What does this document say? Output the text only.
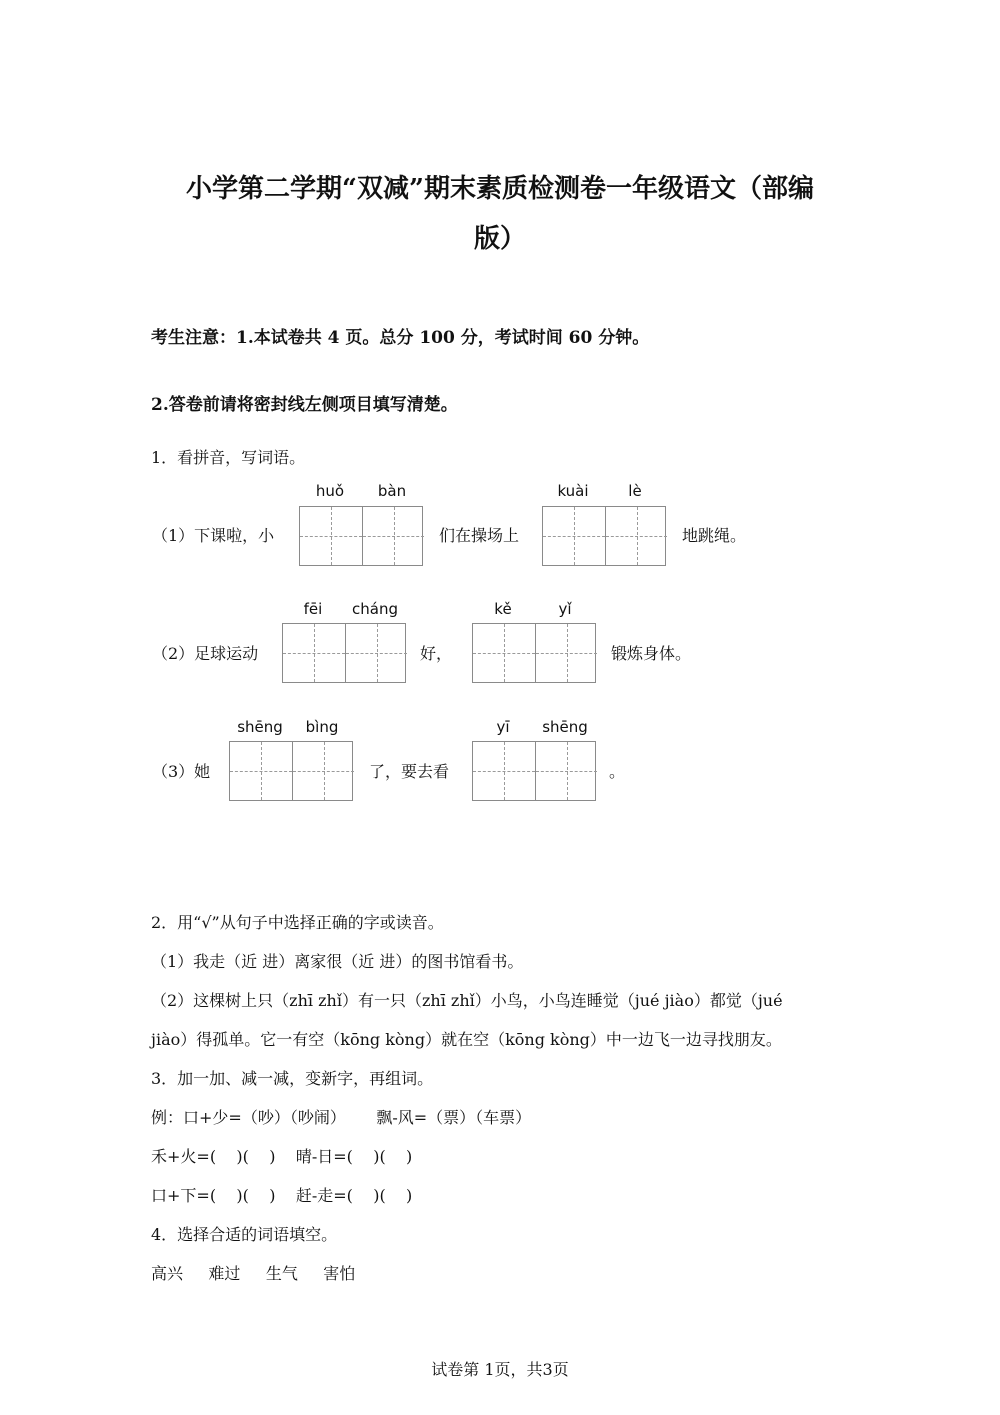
小学第二学期“双减”期末素质检测卷一年级语文（部编
版）
考生注意：1.本试卷共 4 页。总分 100 分，考试时间 60 分钟。
2.答卷前请将密封线左侧项目填写清楚。
1．看拼音，写词语。
huǒ	bàn	kuài	lè
（1）下课啦，小	们在操场上	地跳绳。
fēi	cháng	kě	yǐ
（2）足球运动	好，	锻炼身体。
shēng	bìng	yī	shēng
（3）她	了，要去看	。
2．用“√”从句子中选择正确的字或读音。
（1）我走（近 进）离家很（近 进）的图书馆看书。
（2）这棵树上只（zhī zhǐ）有一只（zhī zhǐ）小鸟，小鸟连睡觉（jué jiào）都觉（jué
jiào）得孤单。它一有空（kōng kòng）就在空（kōng kòng）中一边飞一边寻找朋友。
3．加一加、减一减，变新字，再组词。
例：口+少=（吵）（吵闹）      飘-风=（票）（车票）
禾+火=(    )(    )    晴-日=(    )(    )
口+下=(    )(    )    赶-走=(    )(    )
4．选择合适的词语填空。
高兴     难过     生气     害怕
试卷第 1页，共3页
